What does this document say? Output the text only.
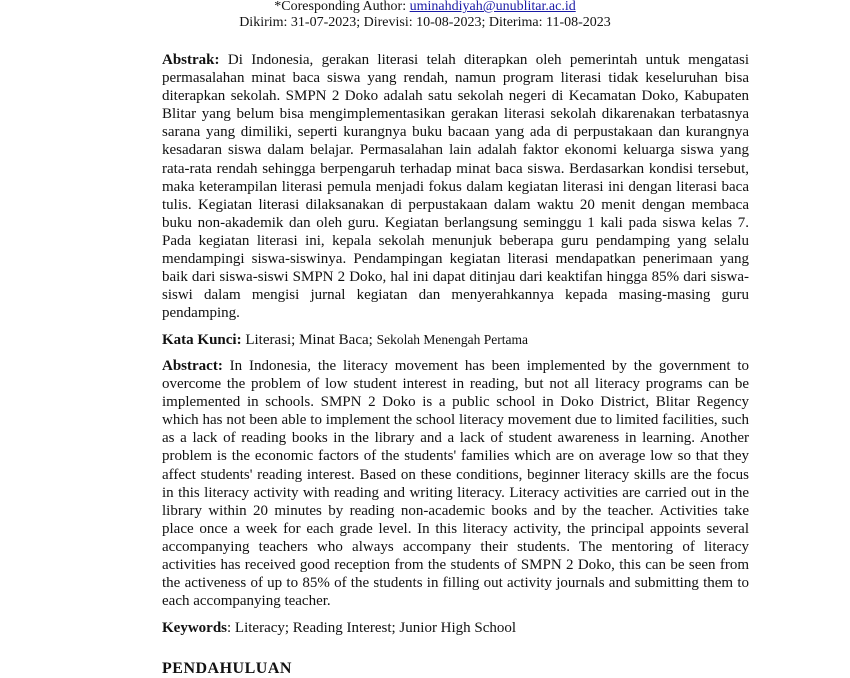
*Coresponding Author: uminahdiyah@unublitar.ac.id
Dikirim: 31-07-2023; Direvisi: 10-08-2023; Diterima: 11-08-2023
Abstrak: Di Indonesia, gerakan literasi telah diterapkan oleh pemerintah untuk mengatasi permasalahan minat baca siswa yang rendah, namun program literasi tidak keseluruhan bisa diterapkan sekolah. SMPN 2 Doko adalah satu sekolah negeri di Kecamatan Doko, Kabupaten Blitar yang belum bisa mengimplementasikan gerakan literasi sekolah dikarenakan terbatasnya sarana yang dimiliki, seperti kurangnya buku bacaan yang ada di perpustakaan dan kurangnya kesadaran siswa dalam belajar. Permasalahan lain adalah faktor ekonomi keluarga siswa yang rata-rata rendah sehingga berpengaruh terhadap minat baca siswa. Berdasarkan kondisi tersebut, maka keterampilan literasi pemula menjadi fokus dalam kegiatan literasi ini dengan literasi baca tulis. Kegiatan literasi dilaksanakan di perpustakaan dalam waktu 20 menit dengan membaca buku non-akademik dan oleh guru. Kegiatan berlangsung seminggu 1 kali pada siswa kelas 7. Pada kegiatan literasi ini, kepala sekolah menunjuk beberapa guru pendamping yang selalu mendampingi siswa-siswinya. Pendampingan kegiatan literasi mendapatkan penerimaan yang baik dari siswa-siswi SMPN 2 Doko, hal ini dapat ditinjau dari keaktifan hingga 85% dari siswa-siswi dalam mengisi jurnal kegiatan dan menyerahkannya kepada masing-masing guru pendamping.
Kata Kunci: Literasi; Minat Baca; Sekolah Menengah Pertama
Abstract: In Indonesia, the literacy movement has been implemented by the government to overcome the problem of low student interest in reading, but not all literacy programs can be implemented in schools. SMPN 2 Doko is a public school in Doko District, Blitar Regency which has not been able to implement the school literacy movement due to limited facilities, such as a lack of reading books in the library and a lack of student awareness in learning. Another problem is the economic factors of the students' families which are on average low so that they affect students' reading interest. Based on these conditions, beginner literacy skills are the focus in this literacy activity with reading and writing literacy. Literacy activities are carried out in the library within 20 minutes by reading non-academic books and by the teacher. Activities take place once a week for each grade level. In this literacy activity, the principal appoints several accompanying teachers who always accompany their students. The mentoring of literacy activities has received good reception from the students of SMPN 2 Doko, this can be seen from the activeness of up to 85% of the students in filling out activity journals and submitting them to each accompanying teacher.
Keywords: Literacy; Reading Interest; Junior High School
PENDAHULUAN
